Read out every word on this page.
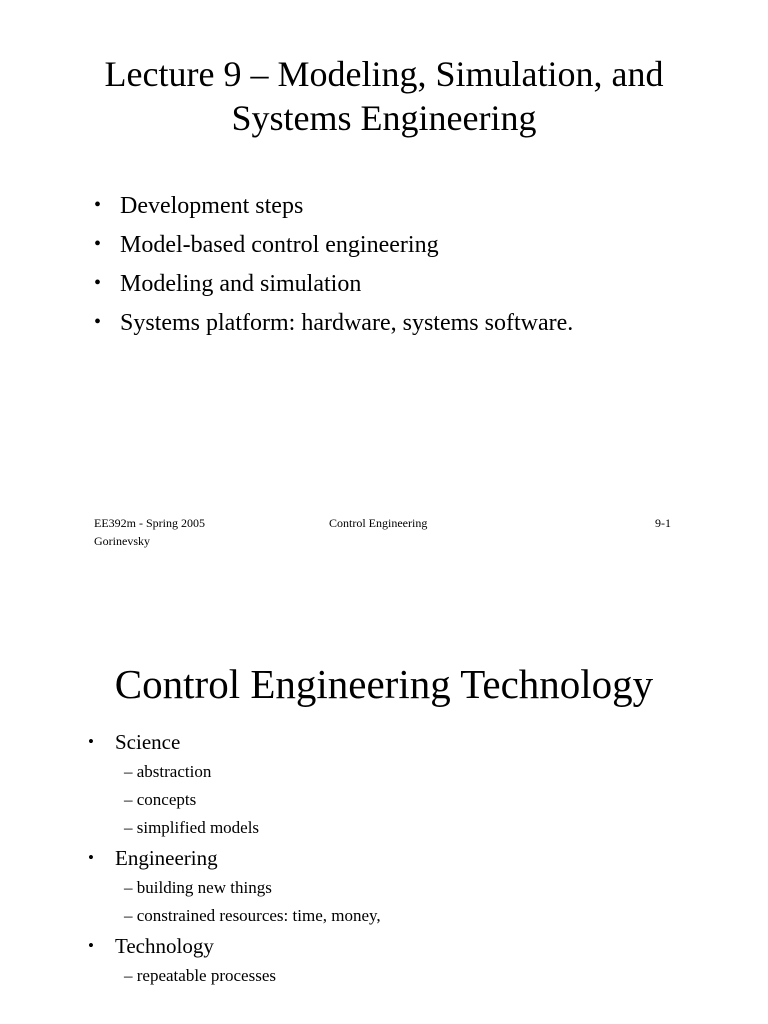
Lecture 9 – Modeling, Simulation, and
Systems Engineering
• Development steps
• Model-based control engineering
• Modeling and simulation
• Systems platform: hardware, systems software.
EE392m - Spring 2005
Gorinevsky
Control Engineering	9-1
Control Engineering Technology
• Science
– abstraction
– concepts
– simplified models
• Engineering
– building new things
– constrained resources: time, money,
• Technology
– repeatable processes
